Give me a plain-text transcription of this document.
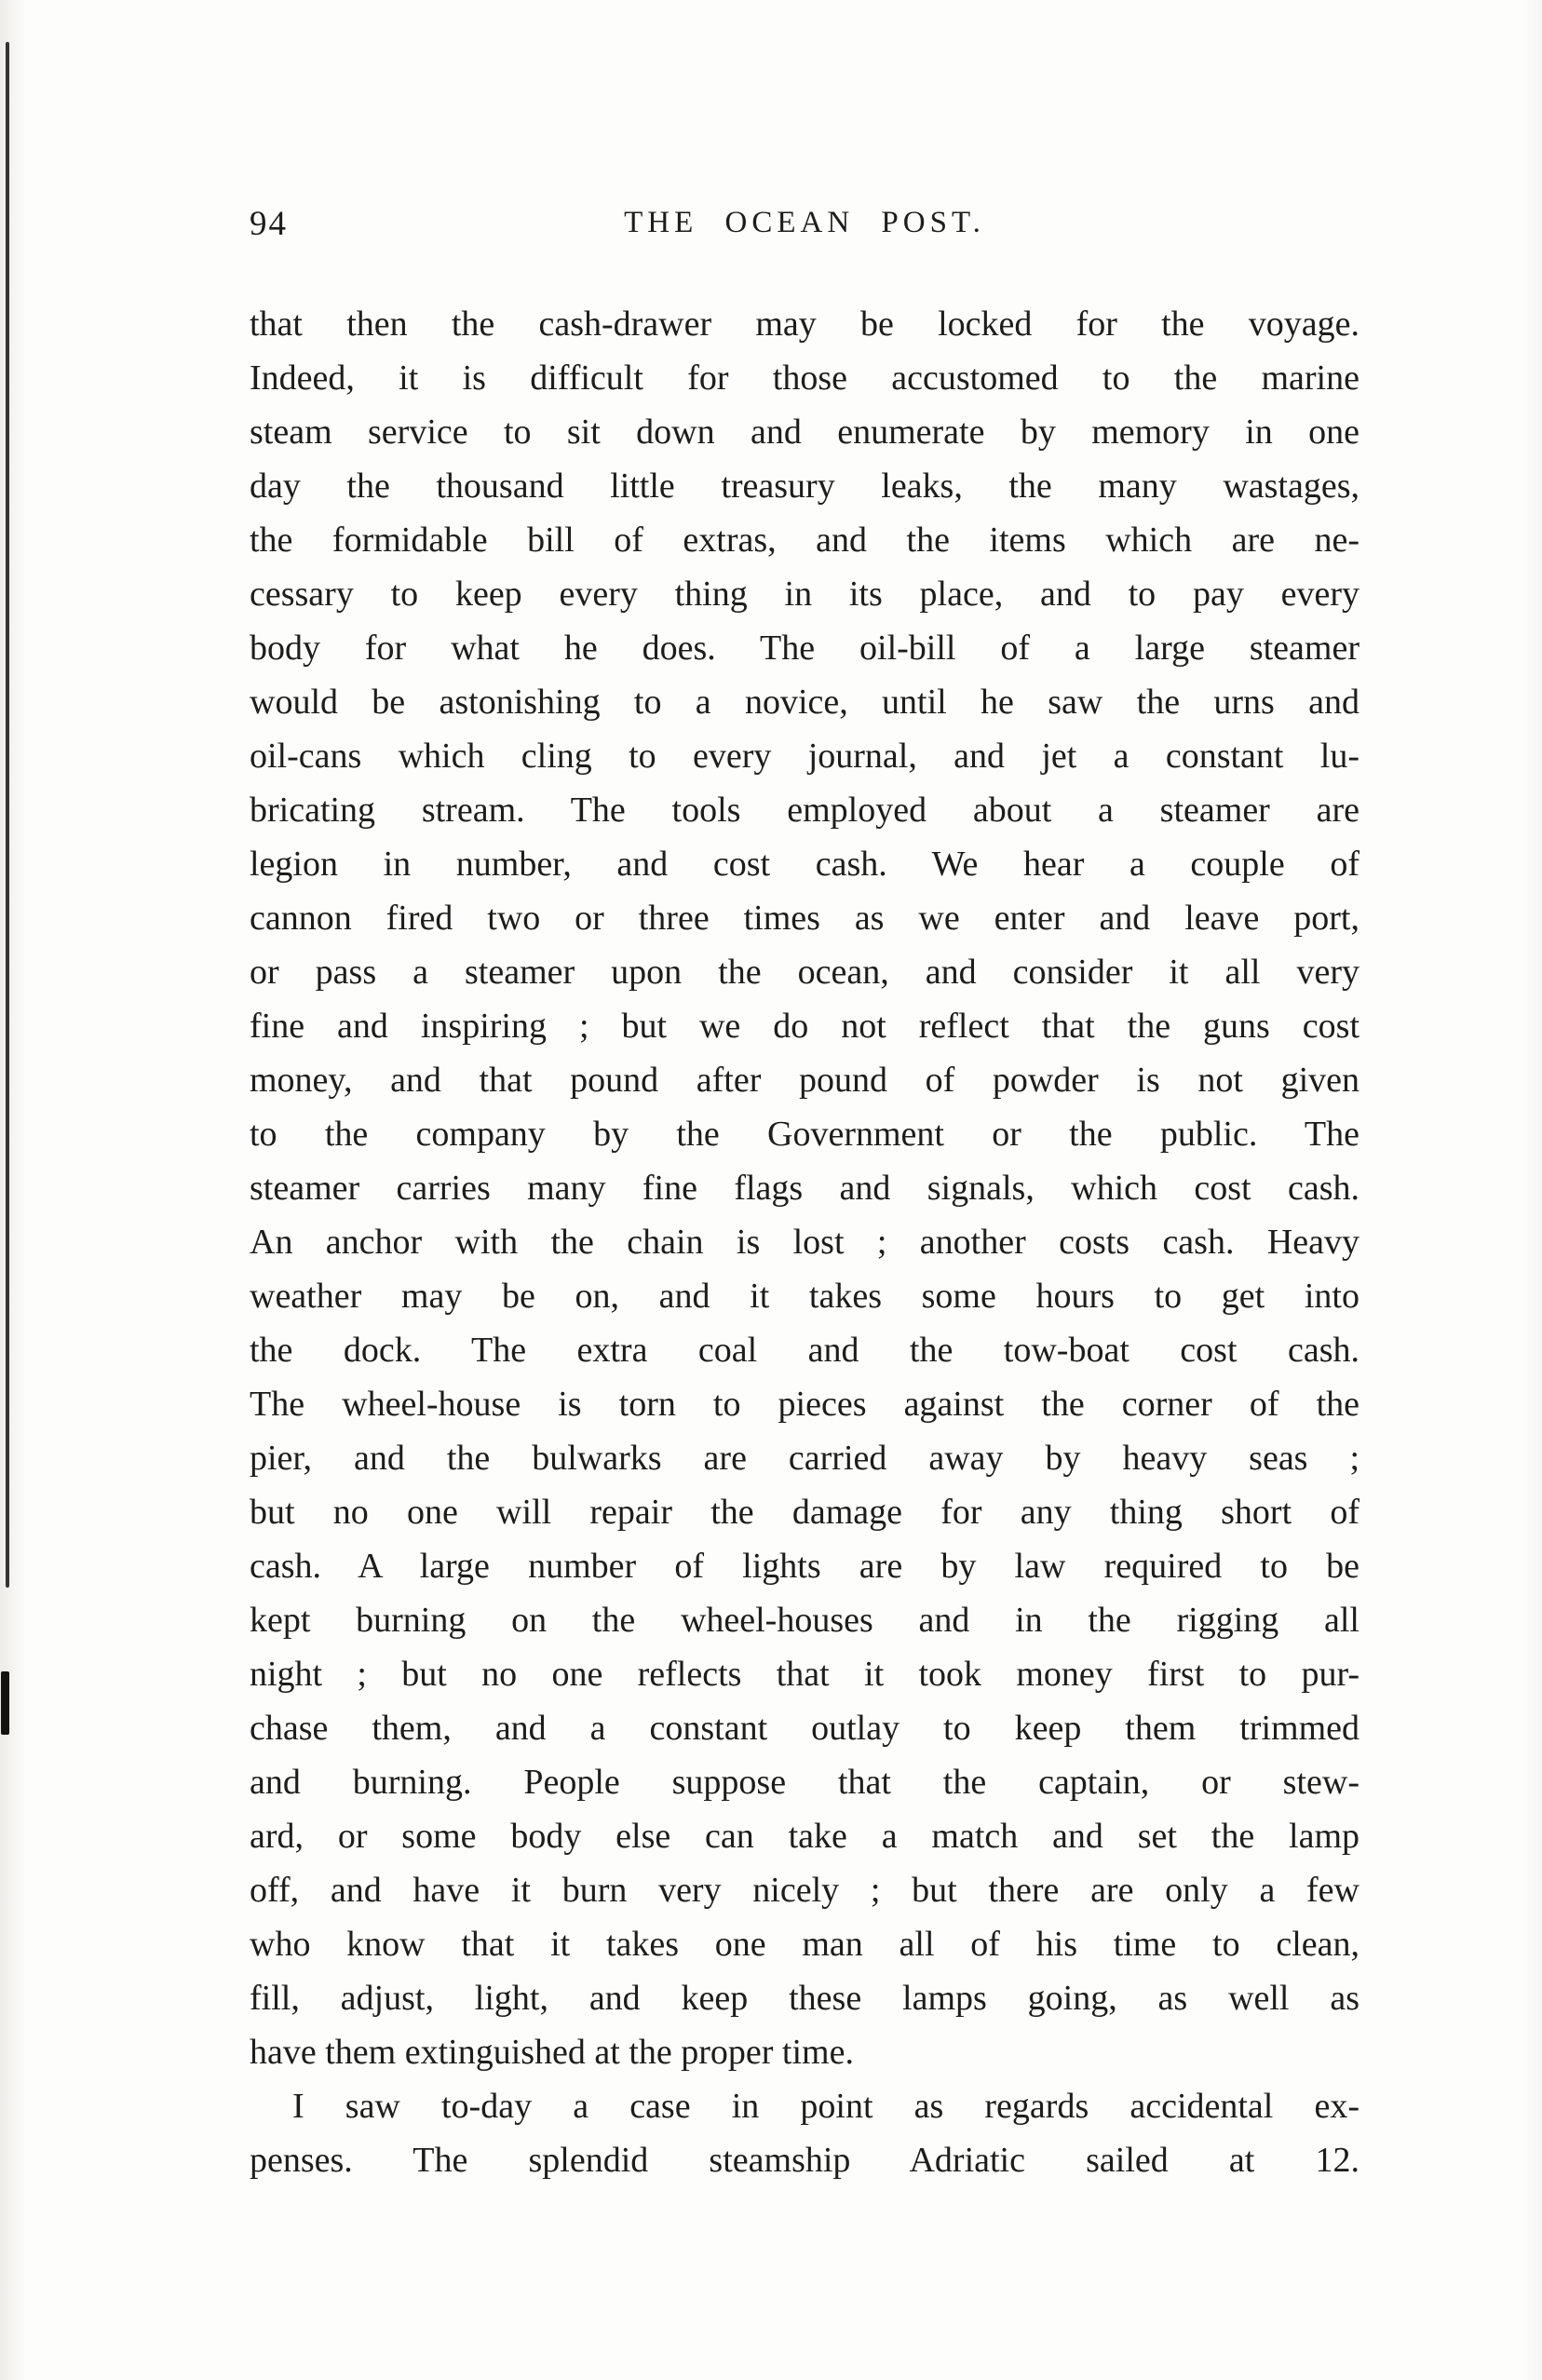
94	THE OCEAN POST.
that then the cash-drawer may be locked for the voyage.
Indeed, it is difficult for those accustomed to the marine
steam service to sit down and enumerate by memory in one
day the thousand little treasury leaks, the many wastages,
the formidable bill of extras, and the items which are ne-
cessary to keep every thing in its place, and to pay every
body for what he does. The oil-bill of a large steamer
would be astonishing to a novice, until he saw the urns and
oil-cans which cling to every journal, and jet a constant lu-
bricating stream. The tools employed about a steamer are
legion in number, and cost cash. We hear a couple of
cannon fired two or three times as we enter and leave port,
or pass a steamer upon the ocean, and consider it all very
fine and inspiring ; but we do not reflect that the guns cost
money, and that pound after pound of powder is not given
to the company by the Government or the public. The
steamer carries many fine flags and signals, which cost cash.
An anchor with the chain is lost ; another costs cash. Heavy
weather may be on, and it takes some hours to get into
the dock. The extra coal and the tow-boat cost cash.
The wheel-house is torn to pieces against the corner of the
pier, and the bulwarks are carried away by heavy seas ;
but no one will repair the damage for any thing short of
cash. A large number of lights are by law required to be
kept burning on the wheel-houses and in the rigging all
night ; but no one reflects that it took money first to pur-
chase them, and a constant outlay to keep them trimmed
and burning. People suppose that the captain, or stew-
ard, or some body else can take a match and set the lamp
off, and have it burn very nicely ; but there are only a few
who know that it takes one man all of his time to clean,
fill, adjust, light, and keep these lamps going, as well as
have them extinguished at the proper time.
I saw to-day a case in point as regards accidental ex-
penses. The splendid steamship Adriatic sailed at 12.
